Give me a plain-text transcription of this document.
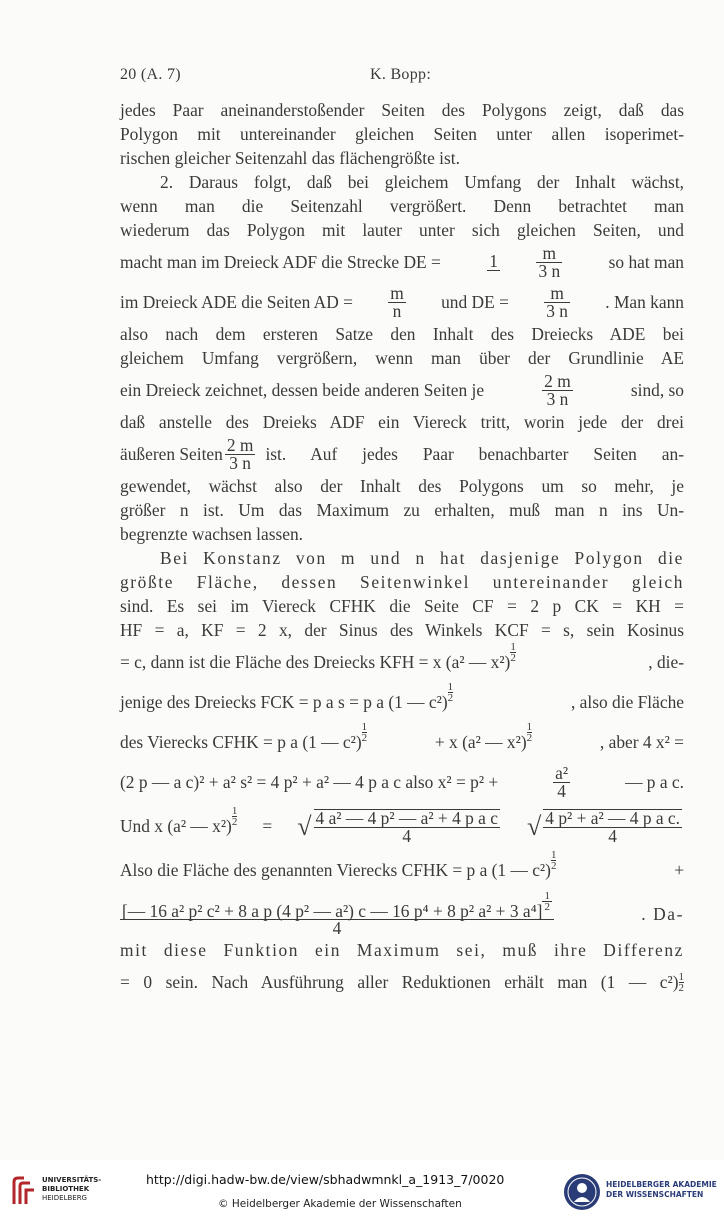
20 (A. 7)	K. Bopp:
jedes Paar aneinanderstoßender Seiten des Polygons zeigt, daß das
Polygon mit untereinander gleichen Seiten unter allen isoperimet-
rischen gleicher Seitenzahl das flächengrößte ist.
2. Daraus folgt, daß bei gleichem Umfang der Inhalt wächst,
wenn man die Seitenzahl vergrößert. Denn betrachtet man
wiederum das Polygon mit lauter unter sich gleichen Seiten, und
macht man im Dreieck ADF die Strecke DE =	$1 \frac{m}{3 n}$	so hat man
im Dreieck ADE die Seiten AD = $\frac{m}{n}$ und DE = $\frac{m}{3 n}$ . Man kann
also nach dem ersteren Satze den Inhalt des Dreiecks ADE bei
gleichem Umfang vergrößern, wenn man über der Grundlinie AE
ein Dreieck zeichnet, dessen beide anderen Seiten je	$\frac{2 m}{3 n}$	sind, so
daß anstelle des Dreieks ADF ein Viereck tritt, worin jede der drei
äußeren Seiten $\frac{2 m}{3 n}$ ist. Auf jedes Paar benachbarter Seiten an-
gewendet, wächst also der Inhalt des Polygons um so mehr, je
größer n ist. Um das Maximum zu erhalten, muß man n ins Un-
begrenzte wachsen lassen.
Bei Konstanz von m und n hat dasjenige Polygon die
größte Fläche, dessen Seitenwinkel untereinander gleich
sind. Es sei im Viereck CFHK die Seite CF = 2 p CK = KH =
HF = a, KF = 2 x, der Sinus des Winkels KCF = s, sein Kosinus
= c, dann ist die Fläche des Dreiecks KFH = x (a² — $x^2) \frac{1}{2}$	, die-
jenige des Dreiecks FCK = p a s = p a (1 — $c^2) \frac{1}{2}$	, also die Fläche
des Vierecks CFHK = p a (1 — $c^2) \frac{1}{2}$	+ x (a² — $x^2) \frac{1}{2}$	, aber 4 x² =
(2 p — a c)² + a² s² = 4 p² + a² — 4 p a c also x² = p² +	$\frac{\text{a²}}{4}$	— p a c.
Und x (a² — $x^2) \frac{1}{2}$ = √ $\frac{\text{4 a² — 4 p² — a² + 4 p a c}}{4}$ √ $\frac{\text{4 p² + a² — 4 p a c.}}{4}$
Also die Fläche des genannten Vierecks CFHK = p a (1 — $c^2) \frac{1}{2}$	+
[— 16 a² p² c² + 8 a p (4 p² — a²) c — 16 p⁴ + 8 p² a² + 3 $a^4] \frac{1}{2}$
4
. Da-
mit diese Funktion ein Maximum sei, muß ihre Differenz
= 0 sein. Nach Ausführung aller Reduktionen erhält man (1 — $c^2) \frac{1}{2}$
UNIVERSITÄTS-
BIBLIOTHEK
HEIDELBERG
http://digi.hadw-bw.de/view/sbhadwmnkl_a_1913_7/0020
© Heidelberger Akademie der Wissenschaften
HEIDELBERGER AKADEMIE
DER WISSENSCHAFTEN
